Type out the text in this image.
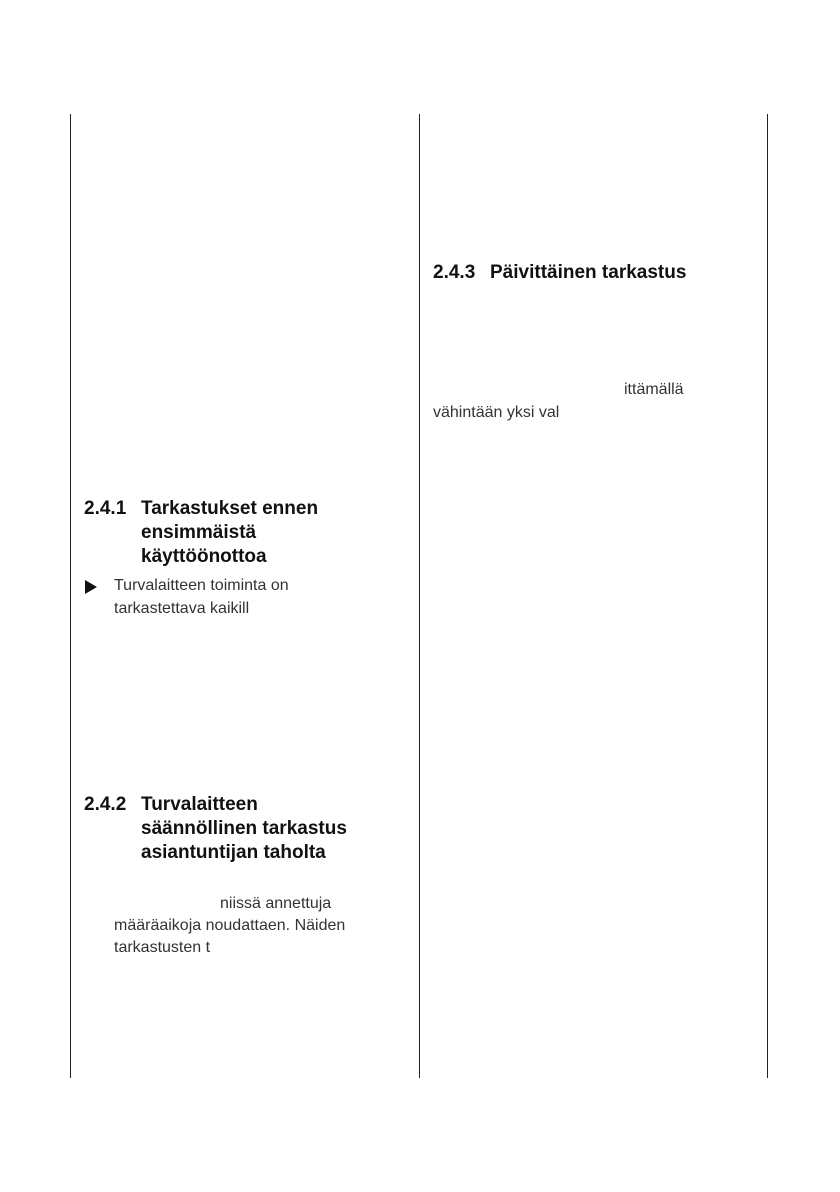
2.4.1 Tarkastukset ennen
ensimmäistä
käyttöönottoa
Turvalaitteen toiminta on
tarkastettava kaikill
2.4.2 Turvalaitteen
säännöllinen tarkastus
asiantuntijan taholta
niissä annettuja
määräaikoja noudattaen. Näiden
tarkastusten t
2.4.3 Päivittäinen tarkastus
ittämällä
vähintään yksi val
